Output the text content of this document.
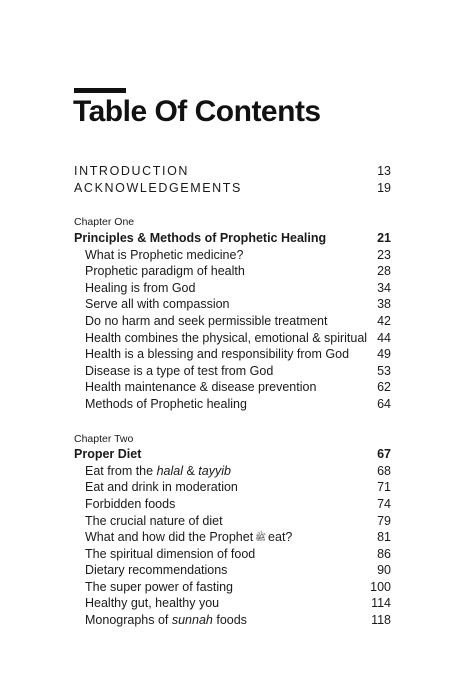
Table Of Contents
INTRODUCTION	13
ACKNOWLEDGEMENTS	19
Chapter One
Principles & Methods of Prophetic Healing	21
What is Prophetic medicine?	23
Prophetic paradigm of health	28
Healing is from God	34
Serve all with compassion	38
Do no harm and seek permissible treatment	42
Health combines the physical, emotional & spiritual 44
Health is a blessing and responsibility from God 49
Disease is a type of test from God	53
Health maintenance & disease prevention	62
Methods of Prophetic healing	64
Chapter Two
Proper Diet	67
Eat from the halal & tayyib	68
Eat and drink in moderation	71
Forbidden foods	74
The crucial nature of diet	79
What and how did the Prophet ﷺ eat?	81
The spiritual dimension of food	86
Dietary recommendations	90
The super power of fasting	100
Healthy gut, healthy you	114
Monographs of sunnah foods	118
